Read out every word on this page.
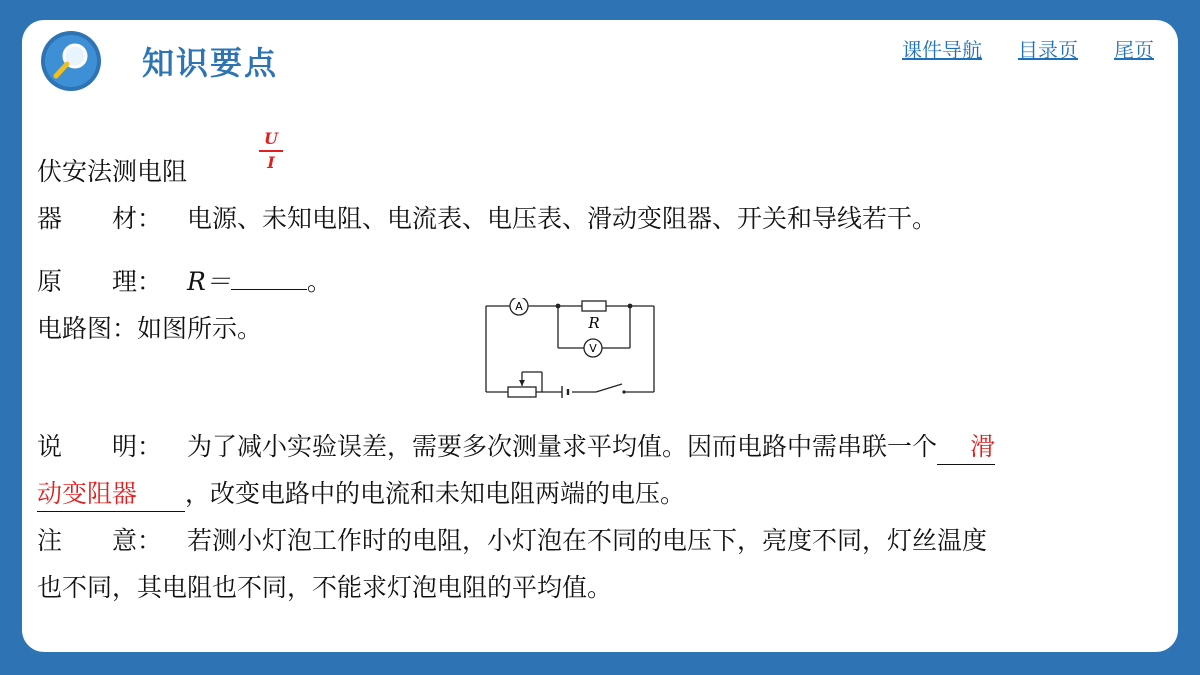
知识要点	课件导航 目录页 尾页
伏安法测电阻
器　　材： 电源、未知电阻、电流表、电压表、滑动变阻器、开关和导线若干。
原　　理： R＝	。
电路图：如图所示。
说　　明： 为了减小实验误差，需要多次测量求平均值。因而电路中需串联一个 滑
动变阻器 ，改变电路中的电流和未知电阻两端的电压。
注　　意： 若测小灯泡工作时的电阻，小灯泡在不同的电压下，亮度不同，灯丝温度
也不同，其电阻也不同，不能求灯泡电阻的平均值。
$\frac{U}{I}$
A
V
R
